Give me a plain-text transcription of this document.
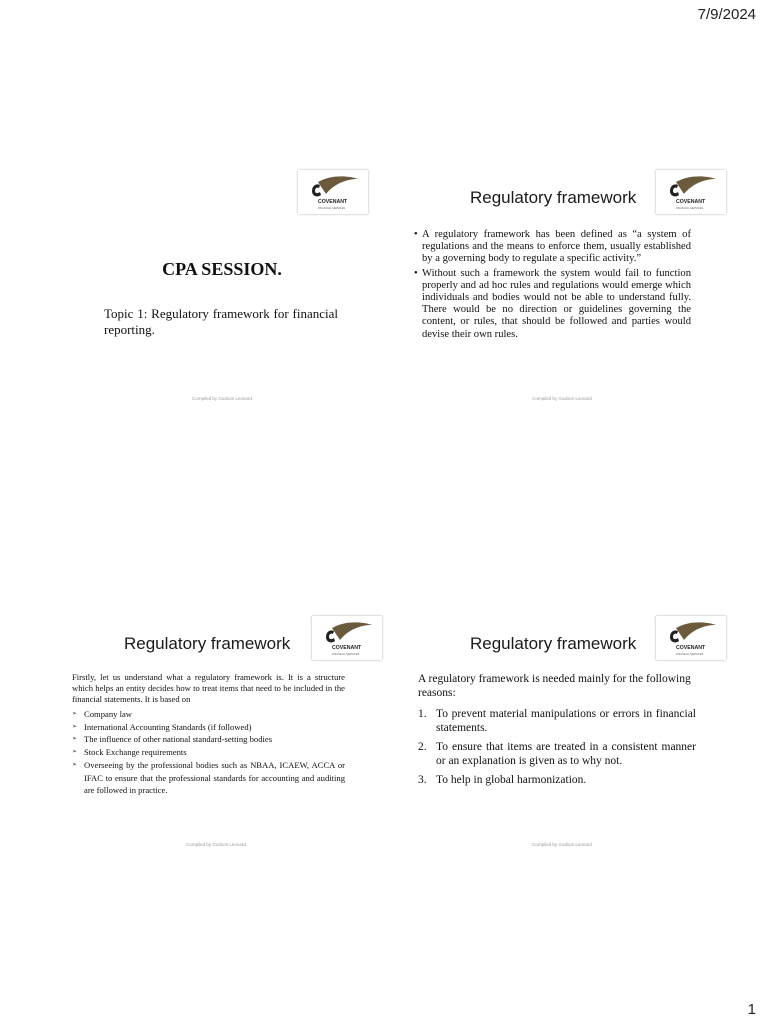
7/9/2024
COVENANT
FINANCIAL SERVICES
CPA SESSION.
Topic 1: Regulatory framework for financial reporting.
Compiled by Godson Leonard
Regulatory framework	COVENANT
FINANCIAL SERVICES
• A regulatory framework has been defined as “a system of regulations and the means to enforce them, usually established by a governing body to regulate a specific activity.”
• Without such a framework the system would fail to function properly and ad hoc rules and regulations would emerge which individuals and bodies would not be able to understand fully. There would be no direction or guidelines governing the content, or rules, that should be followed and parties would devise their own rules.
Compiled by Godson Leonard
Regulatory framework	COVENANT
FINANCIAL SERVICES
Firstly, let us understand what a regulatory framework is. It is a structure which helps an entity decides how to treat items that need to be included in the financial statements. It is based on
➢ Company law
➢ International Accounting Standards (if followed)
➢ The influence of other national standard-setting bodies
➢ Stock Exchange requirements
➢ Overseeing by the professional bodies such as NBAA, ICAEW, ACCA or IFAC to ensure that the professional standards for accounting and auditing are followed in practice.
Compiled by Godson Leonard
Regulatory framework	COVENANT
FINANCIAL SERVICES
A regulatory framework is needed mainly for the following reasons:
1. To prevent material manipulations or errors in financial statements.
2. To ensure that items are treated in a consistent manner or an explanation is given as to why not.
3. To help in global harmonization.
Compiled by Godson Leonard
1
